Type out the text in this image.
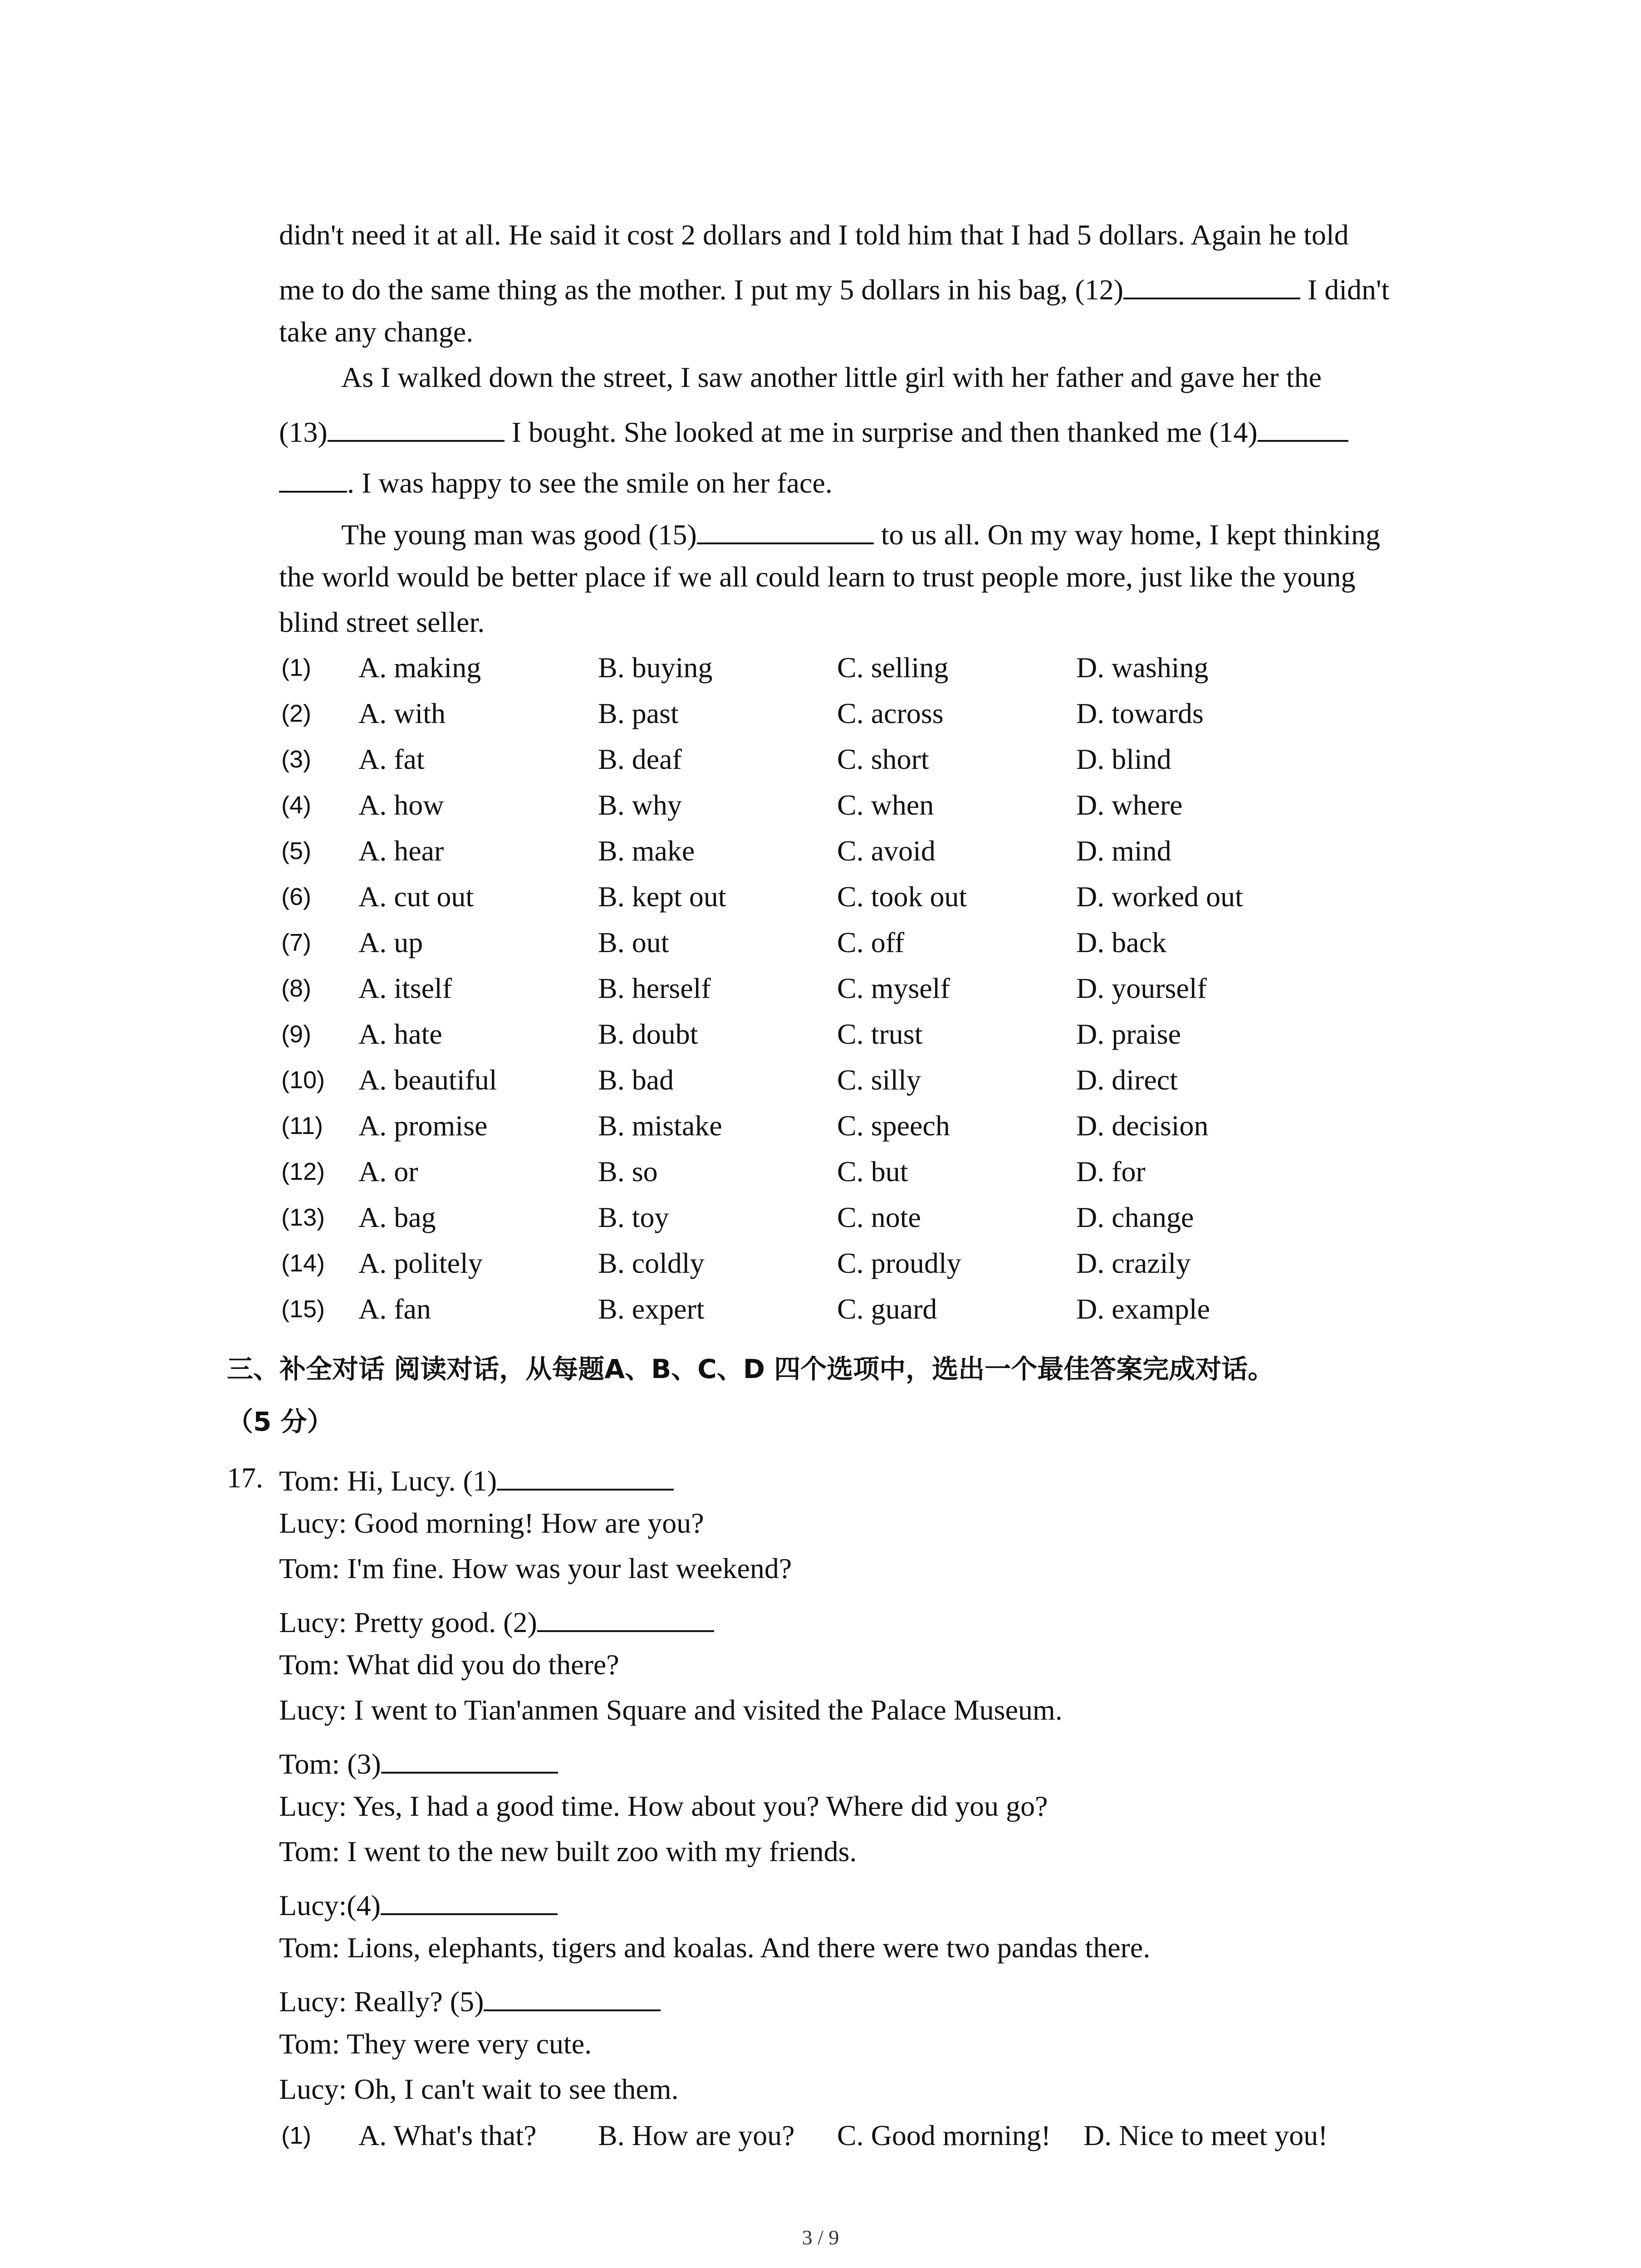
didn't need it at all. He said it cost 2 dollars and I told him that I had 5 dollars. Again he told
me to do the same thing as the mother. I put my 5 dollars in his bag, (12)	I didn't
take any change.
As I walked down the street, I saw another little girl with her father and gave her the
(13)	I bought. She looked at me in surprise and then thanked me (14)
. I was happy to see the smile on her face.
The young man was good (15)	to us all. On my way home, I kept thinking
the world would be better place if we all could learn to trust people more, just like the young
blind street seller.
(1) A. making	B. buying	C. selling	D. washing
(2) A. with	B. past	C. across	D. towards
(3) A. fat	B. deaf	C. short	D. blind
(4) A. how	B. why	C. when	D. where
(5) A. hear	B. make	C. avoid	D. mind
(6) A. cut out	B. kept out	C. took out	D. worked out
(7) A. up	B. out	C. off	D. back
(8) A. itself	B. herself	C. myself	D. yourself
(9) A. hate	B. doubt	C. trust	D. praise
(10) A. beautiful	B. bad	C. silly	D. direct
(11) A. promise	B. mistake	C. speech	D. decision
(12) A. or	B. so	C. but	D. for
(13) A. bag	B. toy	C. note	D. change
(14) A. politely	B. coldly	C. proudly	D. crazily
(15) A. fan	B. expert	C. guard	D. example
三、补全对话 阅读对话，从每题A、B、C、D 四个选项中，选出一个最佳答案完成对话。
（5 分）
17. Tom: Hi, Lucy. (1)
Lucy: Good morning! How are you?
Tom: I'm fine. How was your last weekend?
Lucy: Pretty good. (2)
Tom: What did you do there?
Lucy: I went to Tian'anmen Square and visited the Palace Museum.
Tom: (3)
Lucy: Yes, I had a good time. How about you? Where did you go?
Tom: I went to the new built zoo with my friends.
Lucy:(4)
Tom: Lions, elephants, tigers and koalas. And there were two pandas there.
Lucy: Really? (5)
Tom: They were very cute.
Lucy: Oh, I can't wait to see them.
(1) A. What's that? B. How are you? C. Good morning! D. Nice to meet you!
3 / 9
